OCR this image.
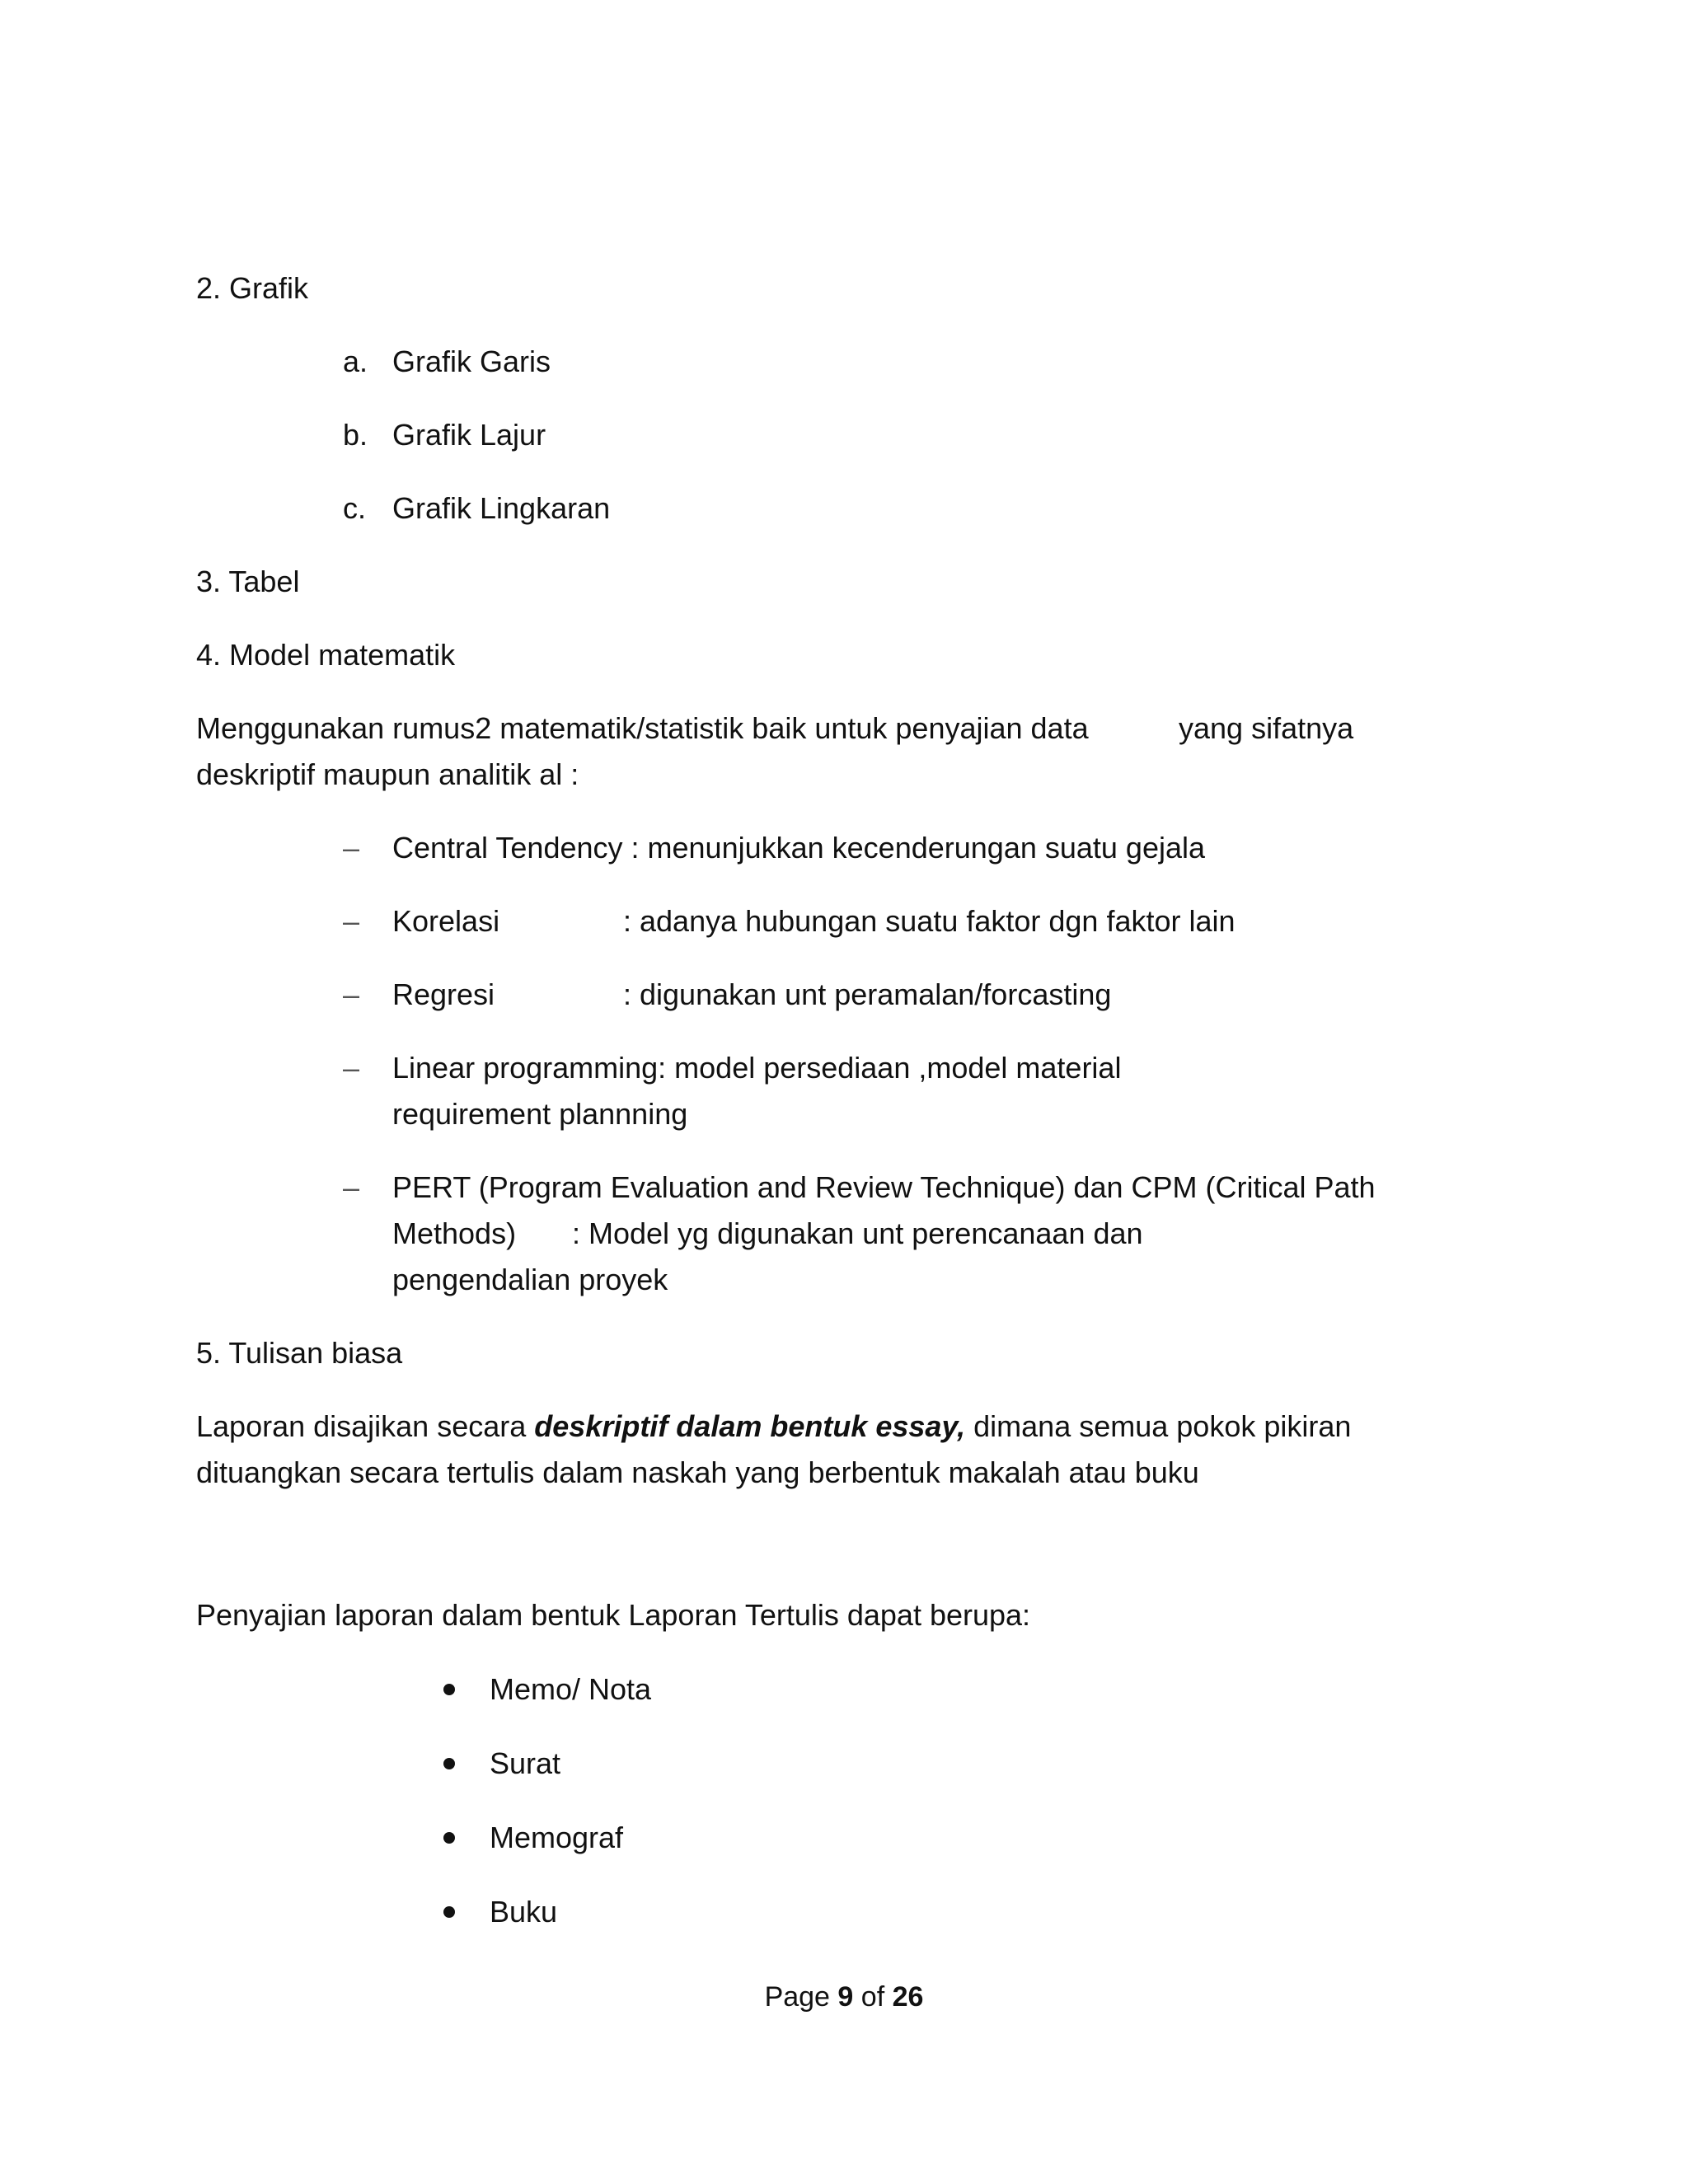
2. Grafik
a. Grafik Garis
b. Grafik Lajur
c. Grafik Lingkaran
3. Tabel
4. Model matematik
Menggunakan rumus2 matematik/statistik baik untuk penyajian data	yang sifatnya
deskriptif maupun analitik al :
– Central Tendency : menunjukkan kecenderungan suatu gejala
– Korelasi	: adanya hubungan suatu faktor dgn faktor lain
– Regresi	: digunakan unt peramalan/forcasting
– Linear programming: model persediaan ,model material
requirement plannning
– PERT (Program Evaluation and Review Technique) dan CPM (Critical Path
Methods) : Model yg digunakan unt perencanaan dan
pengendalian proyek
5. Tulisan biasa
Laporan disajikan secara deskriptif dalam bentuk essay, dimana semua pokok pikiran
dituangkan secara tertulis dalam naskah yang berbentuk makalah atau buku
Penyajian laporan dalam bentuk Laporan Tertulis dapat berupa:
Memo/ Nota
Surat
Memograf
Buku
Page 9 of 26
